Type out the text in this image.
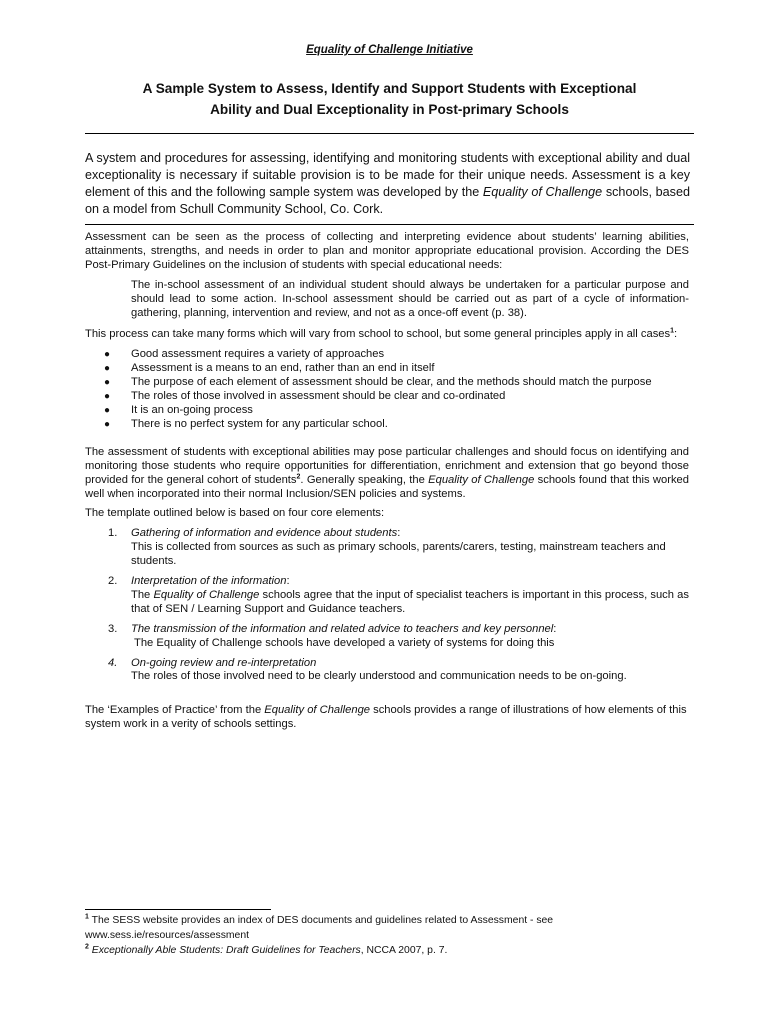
Equality of Challenge Initiative
A Sample System to Assess, Identify and Support Students with Exceptional
Ability and Dual Exceptionality in Post-primary Schools

A system and procedures for assessing, identifying and monitoring students with exceptional ability and dual exceptionality is necessary if suitable provision is to be made for their unique needs. Assessment is a key element of this and the following sample system was developed by the Equality of Challenge schools, based on a model from Schull Community School, Co. Cork.

Assessment can be seen as the process of collecting and interpreting evidence about students’ learning abilities, attainments, strengths, and needs in order to plan and monitor appropriate educational provision. According the DES Post-Primary Guidelines on the inclusion of students with special educational needs:

The in-school assessment of an individual student should always be undertaken for a particular purpose and should lead to some action. In-school assessment should be carried out as part of a cycle of information-gathering, planning, intervention and review, and not as a once-off event (p. 38).

This process can take many forms which will vary from school to school, but some general principles apply in all cases$^1$:

● Good assessment requires a variety of approaches
● Assessment is a means to an end, rather than an end in itself
● The purpose of each element of assessment should be clear, and the methods should match the purpose
● The roles of those involved in assessment should be clear and co-ordinated
● It is an on-going process
● There is no perfect system for any particular school.

The assessment of students with exceptional abilities may pose particular challenges and should focus on identifying and monitoring those students who require opportunities for differentiation, enrichment and extension that go beyond those provided for the general cohort of students$^2$. Generally speaking, the Equality of Challenge schools found that this worked well when incorporated into their normal Inclusion/SEN policies and systems.

The template outlined below is based on four core elements:

1. Gathering of information and evidence about students:
This is collected from sources as such as primary schools, parents/carers, testing, mainstream teachers and students.
2. Interpretation of the information:
The Equality of Challenge schools agree that the input of specialist teachers is important in this process, such as that of SEN / Learning Support and Guidance teachers.
3. The transmission of the information and related advice to teachers and key personnel:
The Equality of Challenge schools have developed a variety of systems for doing this
4. On-going review and re-interpretation
The roles of those involved need to be clearly understood and communication needs to be on-going.

The ‘Examples of Practice’ from the Equality of Challenge schools provides a range of illustrations of how elements of this system work in a verity of schools settings.

$^1$ The SESS website provides an index of DES documents and guidelines related to Assessment - see www.sess.ie/resources/assessment
$^2$ Exceptionally Able Students: Draft Guidelines for Teachers, NCCA 2007, p. 7.
